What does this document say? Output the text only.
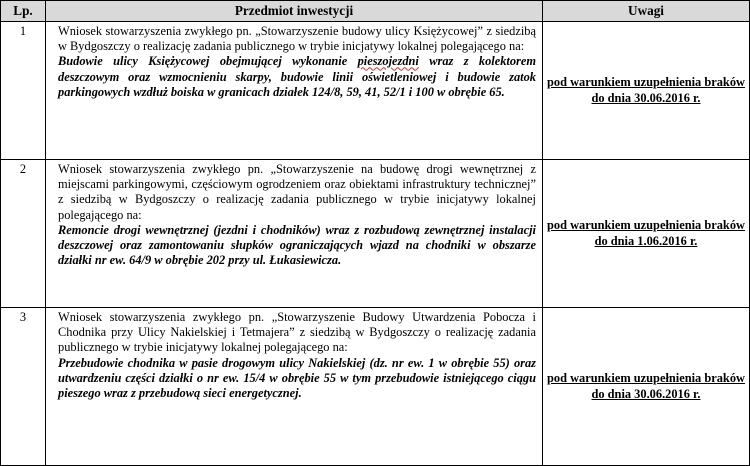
Lp.	Przedmiot inwestycji	Uwagi
1	Wniosek stowarzyszenia zwykłego pn. „Stowarzyszenie budowy ulicy Księżycowej” z siedzibą w Bydgoszczy o realizację zadania publicznego w trybie inicjatywy lokalnej polegającego na:

Budowie ulicy Księżycowej obejmującej wykonanie pieszojezdni wraz z kolektorem deszczowym oraz wzmocnieniu skarpy, budowie linii oświetleniowej i budowie zatok parkingowych wzdłuż boiska w granicach działek 124/8, 59, 41, 52/1 i 100 w obrębie 65.	pod warunkiem uzupełnienia braków do dnia 30.06.2016 r.
2	Wniosek stowarzyszenia zwykłego pn. „Stowarzyszenie na budowę drogi wewnętrznej z miejscami parkingowymi, częściowym ogrodzeniem oraz obiektami infrastruktury technicznej” z siedzibą w Bydgoszczy o realizację zadania publicznego w trybie inicjatywy lokalnej polegającego na:

Remoncie drogi wewnętrznej (jezdni i chodników) wraz z rozbudową zewnętrznej instalacji deszczowej oraz zamontowaniu słupków ograniczających wjazd na chodniki w obszarze działki nr ew. 64/9 w obrębie 202 przy ul. Łukasiewicza.	pod warunkiem uzupełnienia braków do dnia 1.06.2016 r.
3	Wniosek stowarzyszenia zwykłego pn. „Stowarzyszenie Budowy Utwardzenia Pobocza i Chodnika przy Ulicy Nakielskiej i Tetmajera” z siedzibą w Bydgoszczy o realizację zadania publicznego w trybie inicjatywy lokalnej polegającego na:

Przebudowie chodnika w pasie drogowym ulicy Nakielskiej (dz. nr ew. 1 w obrębie 55) oraz utwardzeniu części działki o nr ew. 15/4 w obrębie 55 w tym przebudowie istniejącego ciągu pieszego wraz z przebudową sieci energetycznej.	pod warunkiem uzupełnienia braków do dnia 30.06.2016 r.
